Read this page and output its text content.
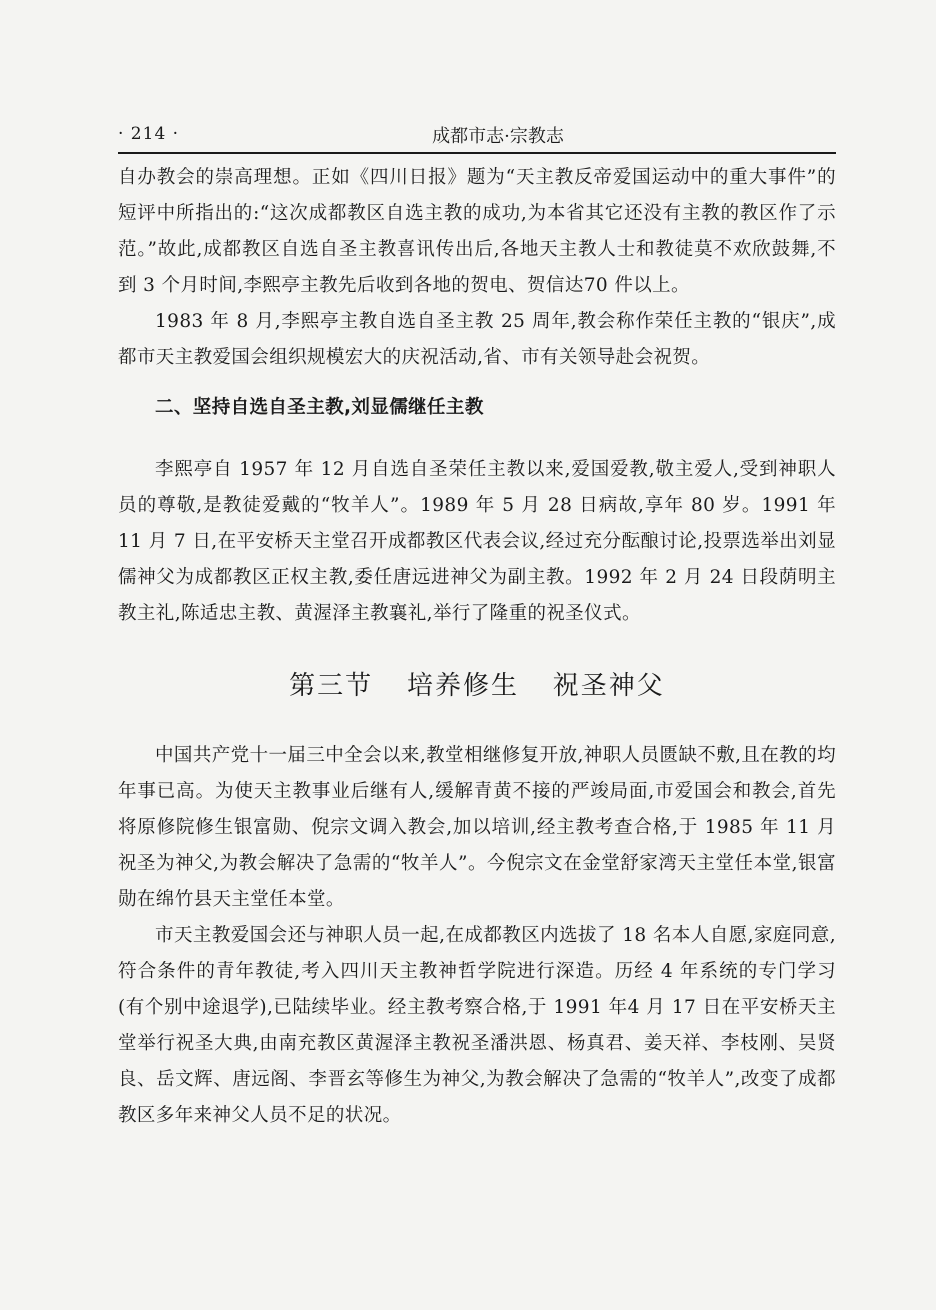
· 214 ·	成都市志·宗教志

自办教会的崇高理想。正如《四川日报》题为“天主教反帝爱国运动中的重大事件”的短评中所指出的:“这次成都教区自选主教的成功,为本省其它还没有主教的教区作了示范。”故此,成都教区自选自圣主教喜讯传出后,各地天主教人士和教徒莫不欢欣鼓舞,不到 3 个月时间,李熙亭主教先后收到各地的贺电、贺信达70 件以上。

1983 年 8 月,李熙亭主教自选自圣主教 25 周年,教会称作荣任主教的“银庆”,成都市天主教爱国会组织规模宏大的庆祝活动,省、市有关领导赴会祝贺。

二、坚持自选自圣主教,刘显儒继任主教

李熙亭自 1957 年 12 月自选自圣荣任主教以来,爱国爱教,敬主爱人,受到神职人员的尊敬,是教徒爱戴的“牧羊人”。1989 年 5 月 28 日病故,享年 80 岁。1991 年 11 月 7 日,在平安桥天主堂召开成都教区代表会议,经过充分酝酿讨论,投票选举出刘显儒神父为成都教区正权主教,委任唐远进神父为副主教。1992 年 2 月 24 日段荫明主教主礼,陈适忠主教、黄渥泽主教襄礼,举行了隆重的祝圣仪式。

第三节 培养修生 祝圣神父

中国共产党十一届三中全会以来,教堂相继修复开放,神职人员匮缺不敷,且在教的均年事已高。为使天主教事业后继有人,缓解青黄不接的严竣局面,市爱国会和教会,首先将原修院修生银富勋、倪宗文调入教会,加以培训,经主教考查合格,于 1985 年 11 月祝圣为神父,为教会解决了急需的“牧羊人”。今倪宗文在金堂舒家湾天主堂任本堂,银富勋在绵竹县天主堂任本堂。

市天主教爱国会还与神职人员一起,在成都教区内选拔了 18 名本人自愿,家庭同意,符合条件的青年教徒,考入四川天主教神哲学院进行深造。历经 4 年系统的专门学习(有个别中途退学),已陆续毕业。经主教考察合格,于 1991 年4 月 17 日在平安桥天主堂举行祝圣大典,由南充教区黄渥泽主教祝圣潘洪恩、杨真君、姜天祥、李枝刚、吴贤良、岳文辉、唐远阁、李晋玄等修生为神父,为教会解决了急需的“牧羊人”,改变了成都教区多年来神父人员不足的状况。
